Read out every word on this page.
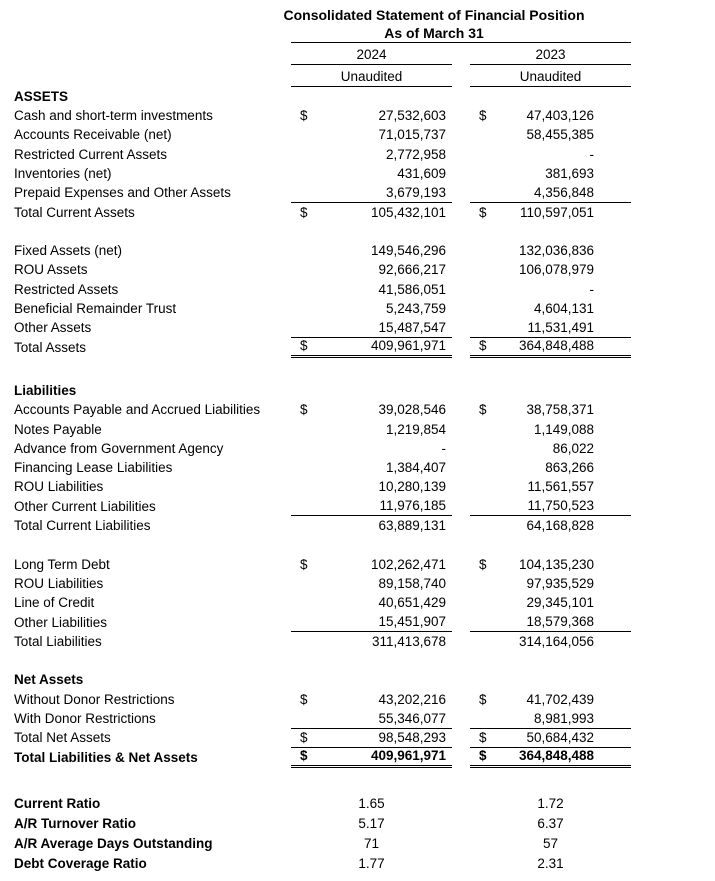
Consolidated Statement of Financial Position
As of March 31
	2024			2023	
	Unaudited			Unaudited	
ASSETS					
Cash and short-term investments	$	27,532,603		$	47,403,126
Accounts Receivable (net)		71,015,737			58,455,385
Restricted Current Assets		2,772,958			-
Inventories (net)		431,609			381,693
Prepaid Expenses and Other Assets		3,679,193			4,356,848
Total Current Assets	$	105,432,101		$	110,597,051

Fixed Assets (net)		149,546,296			132,036,836
ROU Assets		92,666,217			106,078,979
Restricted Assets		41,586,051			-
Beneficial Remainder Trust		5,243,759			4,604,131
Other Assets		15,487,547			11,531,491
Total Assets	$	409,961,971		$	364,848,488

Liabilities					
Accounts Payable and Accrued Liabilities	$	39,028,546		$	38,758,371
Notes Payable		1,219,854			1,149,088
Advance from Government Agency		-			86,022
Financing Lease Liabilities		1,384,407			863,266
ROU Liabilities		10,280,139			11,561,557
Other Current Liabilities		11,976,185			11,750,523
Total Current Liabilities		63,889,131			64,168,828

Long Term Debt	$	102,262,471		$	104,135,230
ROU Liabilities		89,158,740			97,935,529
Line of Credit		40,651,429			29,345,101
Other Liabilities		15,451,907			18,579,368
Total Liabilities		311,413,678			314,164,056

Net Assets					
Without Donor Restrictions	$	43,202,216		$	41,702,439
With Donor Restrictions		55,346,077			8,981,993
Total Net Assets	$	98,548,293		$	50,684,432
Total Liabilities & Net Assets	$	409,961,971		$	364,848,488

Current Ratio	1.65			1.72	
A/R Turnover Ratio	5.17			6.37	
A/R Average Days Outstanding	71			57	
Debt Coverage Ratio	1.77			2.31	
